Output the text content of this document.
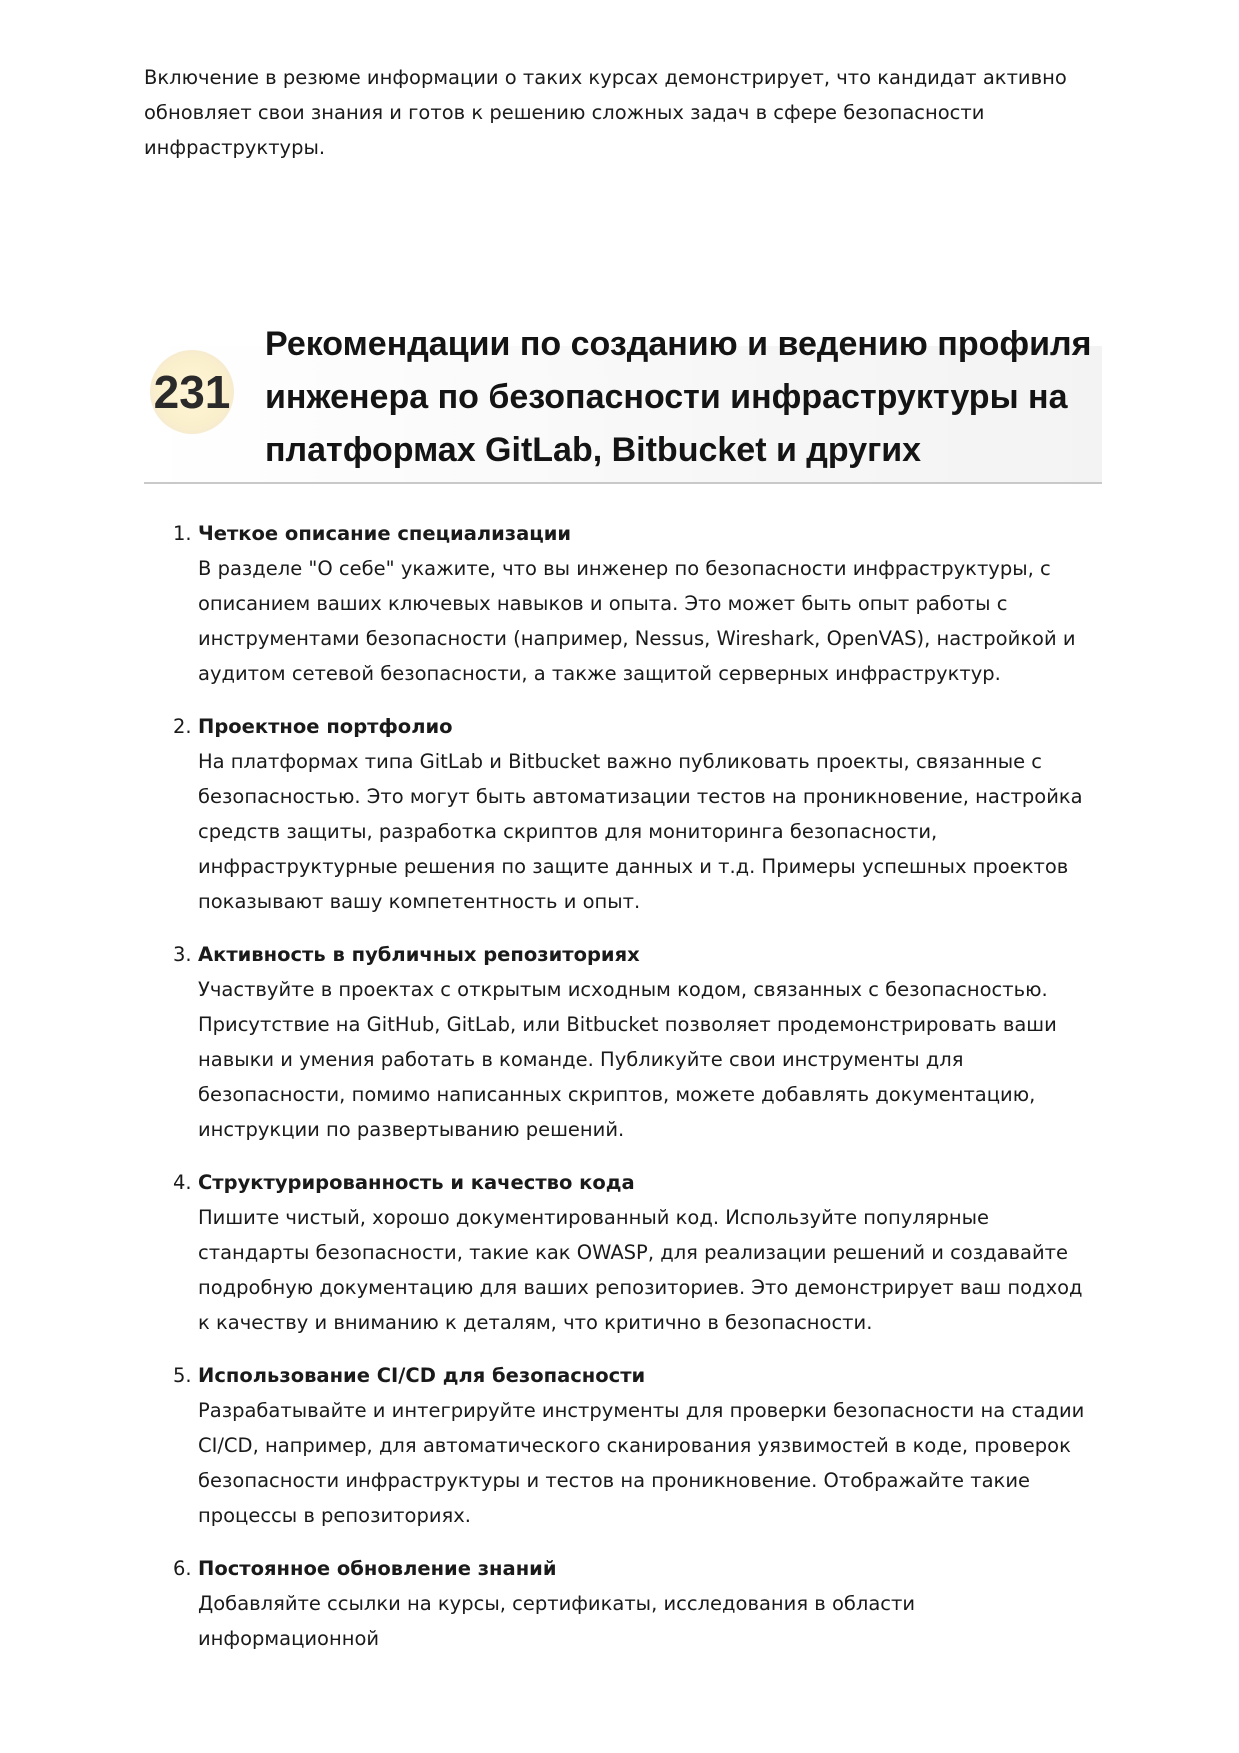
Включение в резюме информации о таких курсах демонстрирует, что кандидат активно обновляет свои знания и готов к решению сложных задач в сфере безопасности инфраструктуры.

231
Рекомендации по созданию и ведению профиля инженера по безопасности инфраструктуры на платформах GitLab, Bitbucket и других
1. Четкое описание специализации
В разделе "О себе" укажите, что вы инженер по безопасности инфраструктуры, с описанием ваших ключевых навыков и опыта. Это может быть опыт работы с инструментами безопасности (например, Nessus, Wireshark, OpenVAS), настройкой и аудитом сетевой безопасности, а также защитой серверных инфраструктур.
2. Проектное портфолио
На платформах типа GitLab и Bitbucket важно публиковать проекты, связанные с безопасностью. Это могут быть автоматизации тестов на проникновение, настройка средств защиты, разработка скриптов для мониторинга безопасности, инфраструктурные решения по защите данных и т.д. Примеры успешных проектов показывают вашу компетентность и опыт.
3. Активность в публичных репозиториях
Участвуйте в проектах с открытым исходным кодом, связанных с безопасностью. Присутствие на GitHub, GitLab, или Bitbucket позволяет продемонстрировать ваши навыки и умения работать в команде. Публикуйте свои инструменты для безопасности, помимо написанных скриптов, можете добавлять документацию, инструкции по развертыванию решений.
4. Структурированность и качество кода
Пишите чистый, хорошо документированный код. Используйте популярные стандарты безопасности, такие как OWASP, для реализации решений и создавайте подробную документацию для ваших репозиториев. Это демонстрирует ваш подход к качеству и вниманию к деталям, что критично в безопасности.
5. Использование CI/CD для безопасности
Разрабатывайте и интегрируйте инструменты для проверки безопасности на стадии CI/CD, например, для автоматического сканирования уязвимостей в коде, проверок безопасности инфраструктуры и тестов на проникновение. Отображайте такие процессы в репозиториях.
6. Постоянное обновление знаний
Добавляйте ссылки на курсы, сертификаты, исследования в области информационной
